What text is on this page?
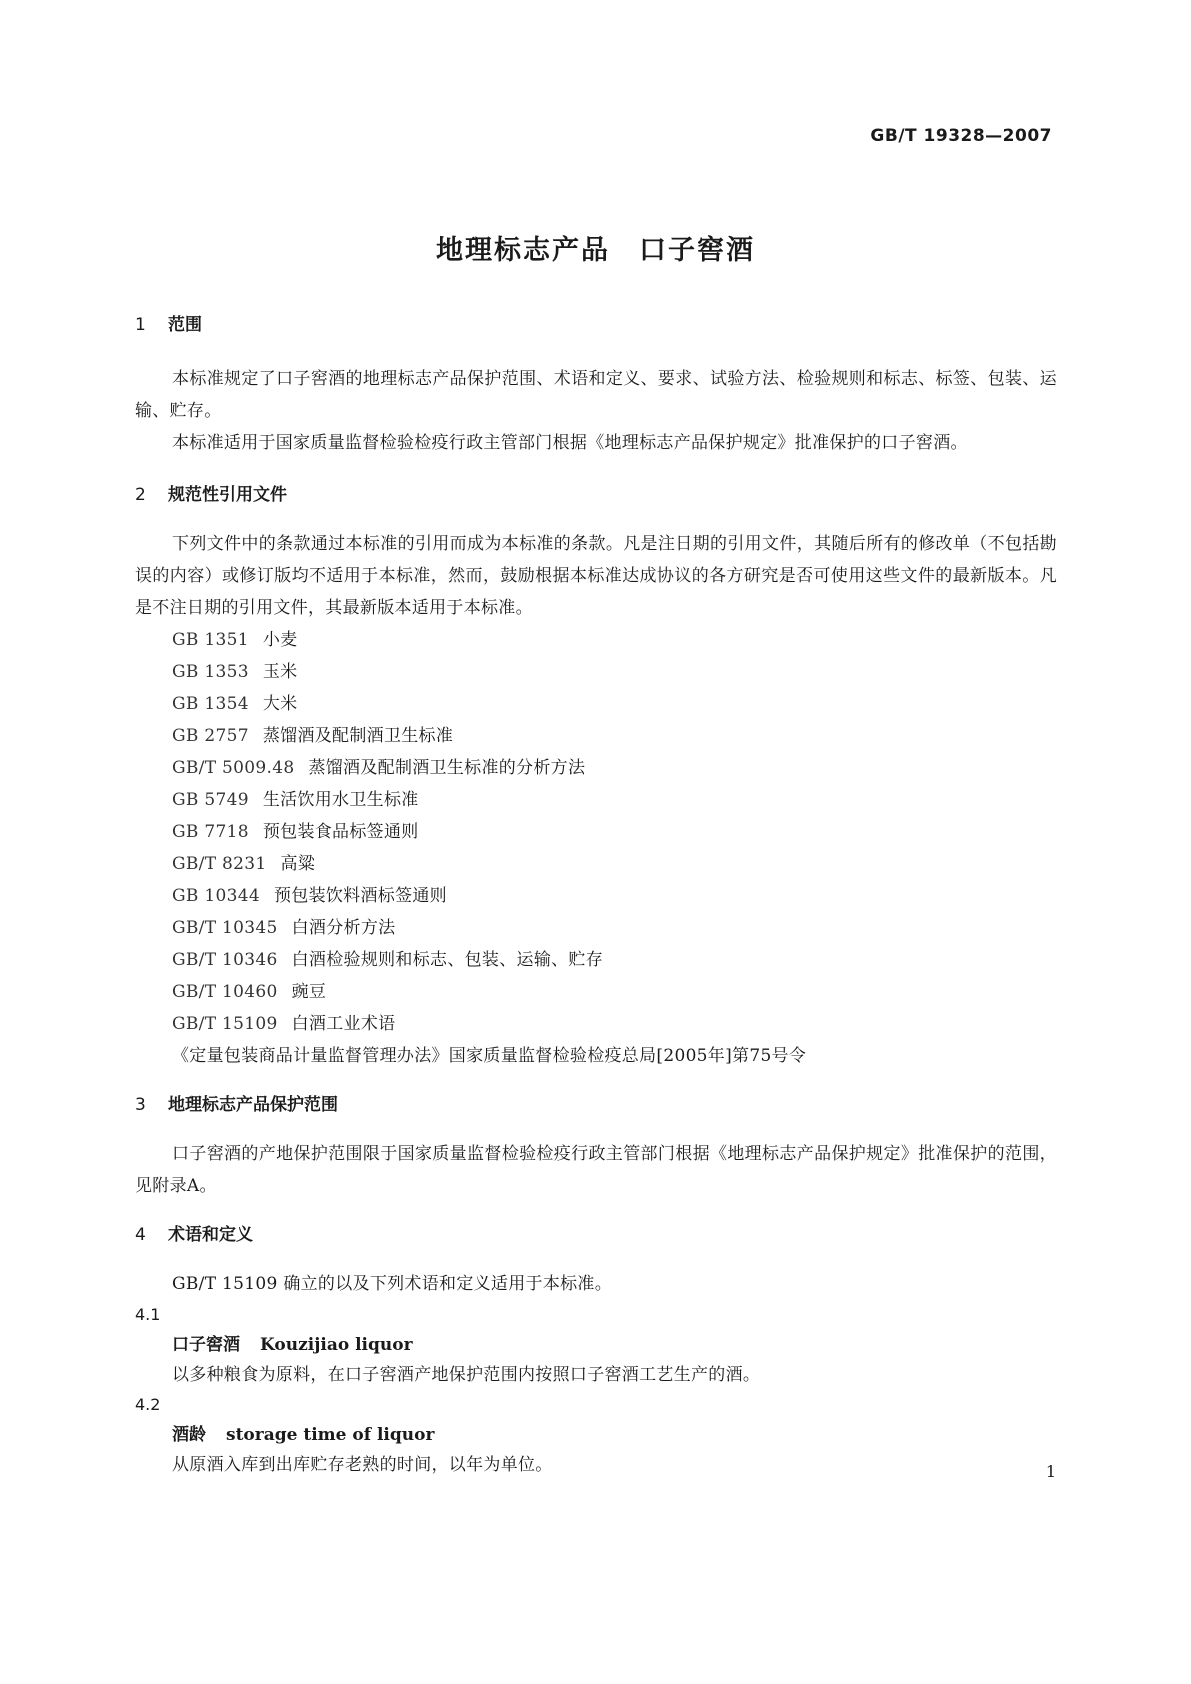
GB/T 19328—2007
地理标志产品　口子窖酒
1 范围

本标准规定了口子窖酒的地理标志产品保护范围、术语和定义、要求、试验方法、检验规则和标志、标签、包装、运输、贮存。

本标准适用于国家质量监督检验检疫行政主管部门根据《地理标志产品保护规定》批准保护的口子窖酒。

2 规范性引用文件

下列文件中的条款通过本标准的引用而成为本标准的条款。凡是注日期的引用文件，其随后所有的修改单（不包括勘误的内容）或修订版均不适用于本标准，然而，鼓励根据本标准达成协议的各方研究是否可使用这些文件的最新版本。凡是不注日期的引用文件，其最新版本适用于本标准。

GB 1351 小麦
GB 1353 玉米
GB 1354 大米
GB 2757 蒸馏酒及配制酒卫生标准
GB/T 5009.48 蒸馏酒及配制酒卫生标准的分析方法
GB 5749 生活饮用水卫生标准
GB 7718 预包装食品标签通则
GB/T 8231 高粱
GB 10344 预包装饮料酒标签通则
GB/T 10345 白酒分析方法
GB/T 10346 白酒检验规则和标志、包装、运输、贮存
GB/T 10460 豌豆
GB/T 15109 白酒工业术语
《定量包装商品计量监督管理办法》国家质量监督检验检疫总局[2005年]第75号令
3 地理标志产品保护范围

口子窖酒的产地保护范围限于国家质量监督检验检疫行政主管部门根据《地理标志产品保护规定》批准保护的范围，见附录A。

4 术语和定义

GB/T 15109 确立的以及下列术语和定义适用于本标准。

4.1
口子窖酒 Kouzijiao liquor
以多种粮食为原料，在口子窖酒产地保护范围内按照口子窖酒工艺生产的酒。
4.2
酒龄 storage time of liquor
从原酒入库到出库贮存老熟的时间，以年为单位。	1
